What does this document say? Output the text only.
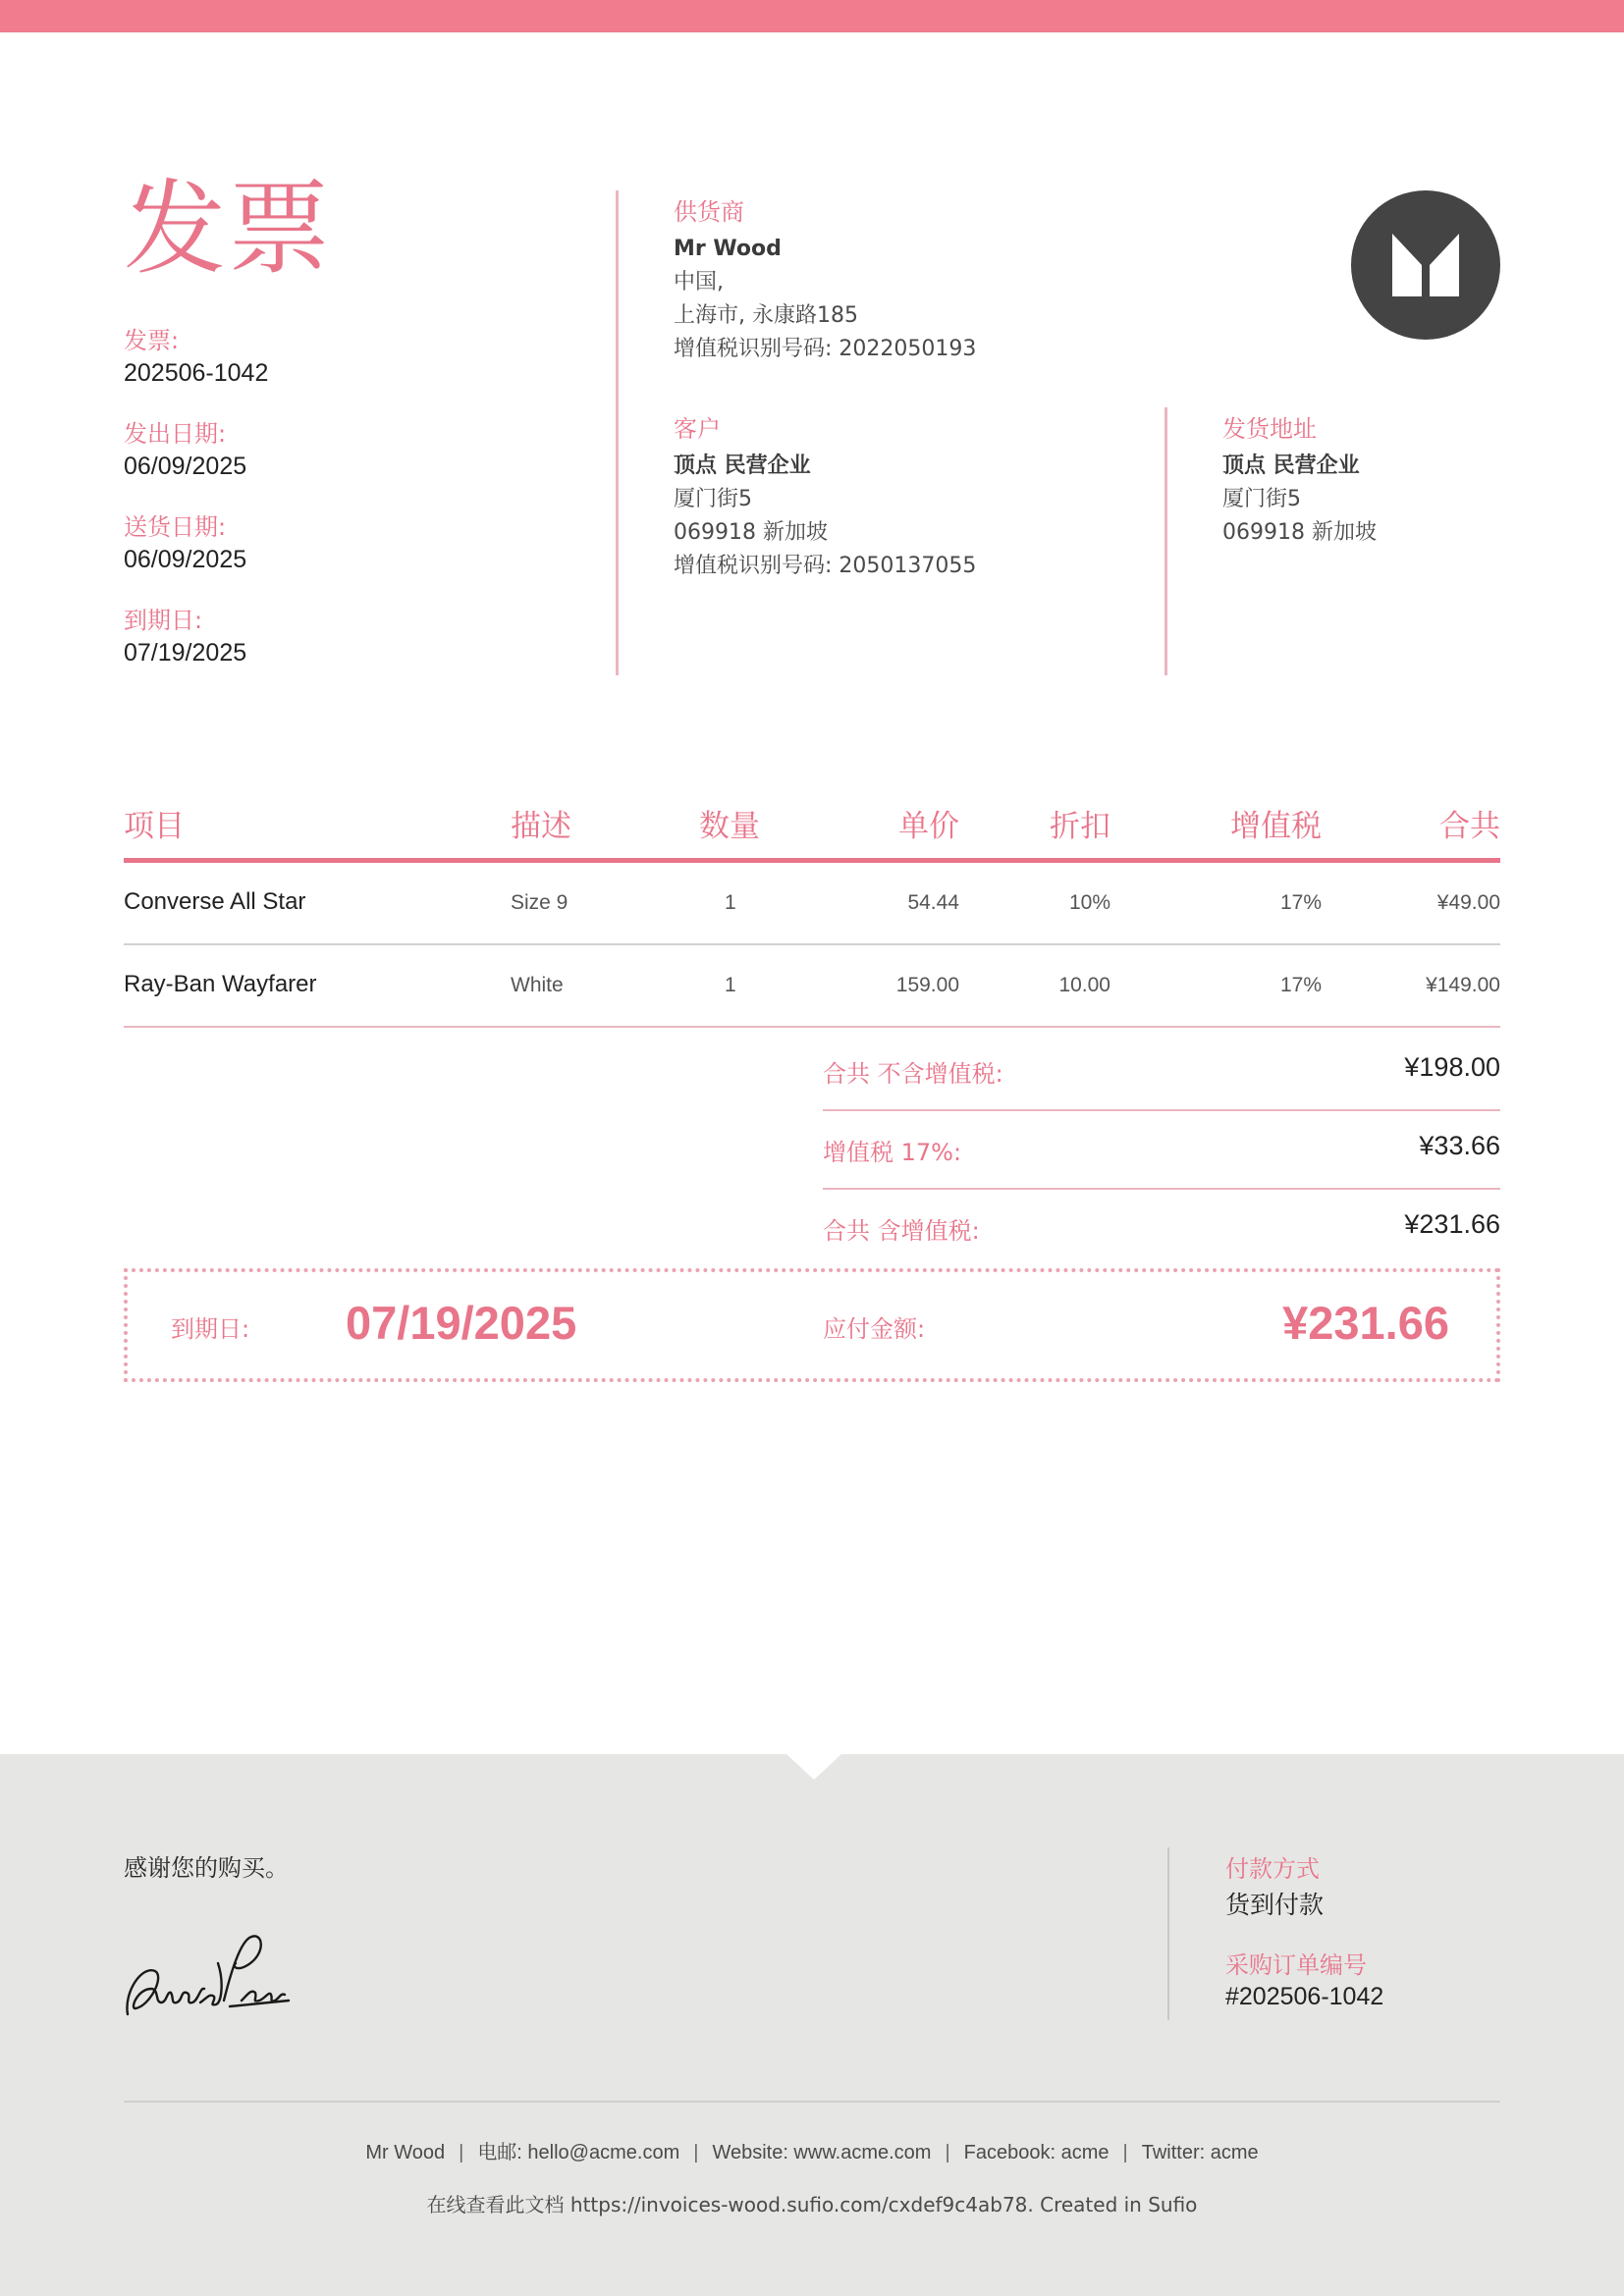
发票
发票:
202506-1042
发出日期:
06/09/2025
送货日期:
06/09/2025
到期日:
07/19/2025
供货商
Mr Wood
中国,
上海市, 永康路185
增值税识别号码: 2022050193
客户
顶点 民营企业
厦门街5
069918 新加坡
增值税识别号码: 2050137055
发货地址
顶点 民营企业
厦门街5
069918 新加坡
项目	描述	数量	单价	折扣	增值税	合共
Converse All Star	Size 9	1	54.44	10%	17%	¥49.00
Ray-Ban Wayfarer	White	1	159.00	10.00	17%	¥149.00
合共 不含增值税:	¥198.00
增值税 17%:	¥33.66
合共 含增值税:	¥231.66
到期日: 07/19/2025	应付金额:	¥231.66
感谢您的购买。	付款方式
货到付款
采购订单编号
#202506-1042
Mr Wood | 电邮: hello@acme.com | Website: www.acme.com | Facebook: acme | Twitter: acme
在线查看此文档 https://invoices-wood.sufio.com/cxdef9c4ab78. Created in Sufio
